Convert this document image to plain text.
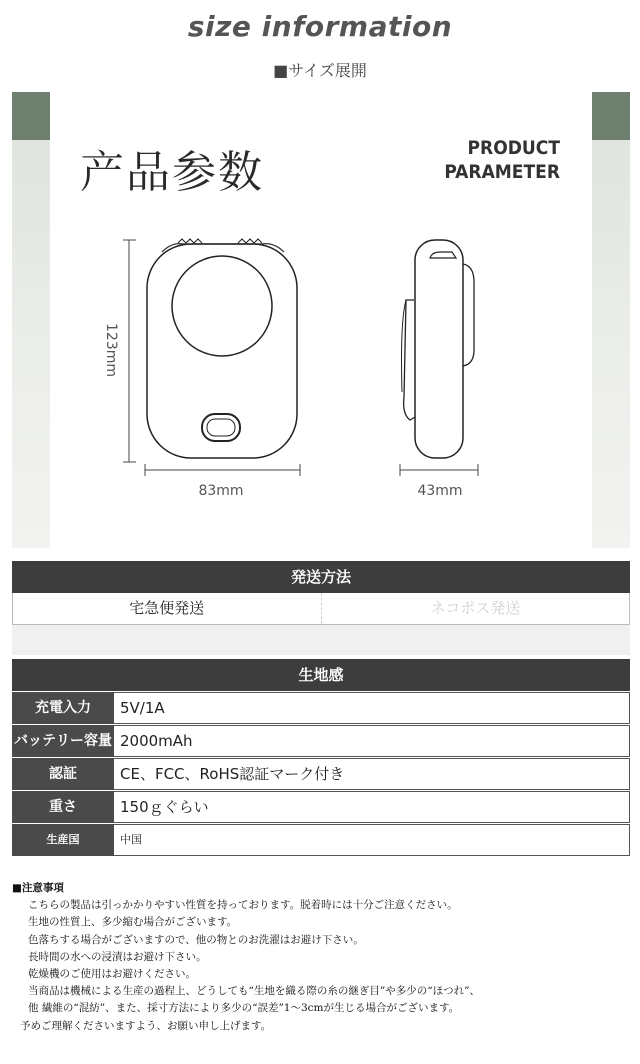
size information
■サイズ展開
产品参数	PRODUCT
PARAMETER
123mm
83mm	43mm
発送方法
宅急便発送	ネコポス発送
生地感
充電入力	5V/1A
バッテリー容量 2000mAh
認証	CE、FCC、RoHS認証マーク付き
重さ	150ｇぐらい
生産国	中国
■注意事項
こちらの製品は引っかかりやすい性質を持っております。脱着時には十分ご注意ください。
生地の性質上、多少縮む場合がございます。
色落ちする場合がございますので、他の物とのお洗濯はお避け下さい。
長時間の水への浸漬はお避け下さい。
乾燥機のご使用はお避けください。
当商品は機械による生産の過程上、どうしても“生地を織る際の糸の継ぎ目”や多少の“ほつれ”、
他 繊維の“混紡”、また、採寸方法により多少の“誤差”1〜3cmが生じる場合がございます。
予めご理解くださいますよう、お願い申し上げます。
